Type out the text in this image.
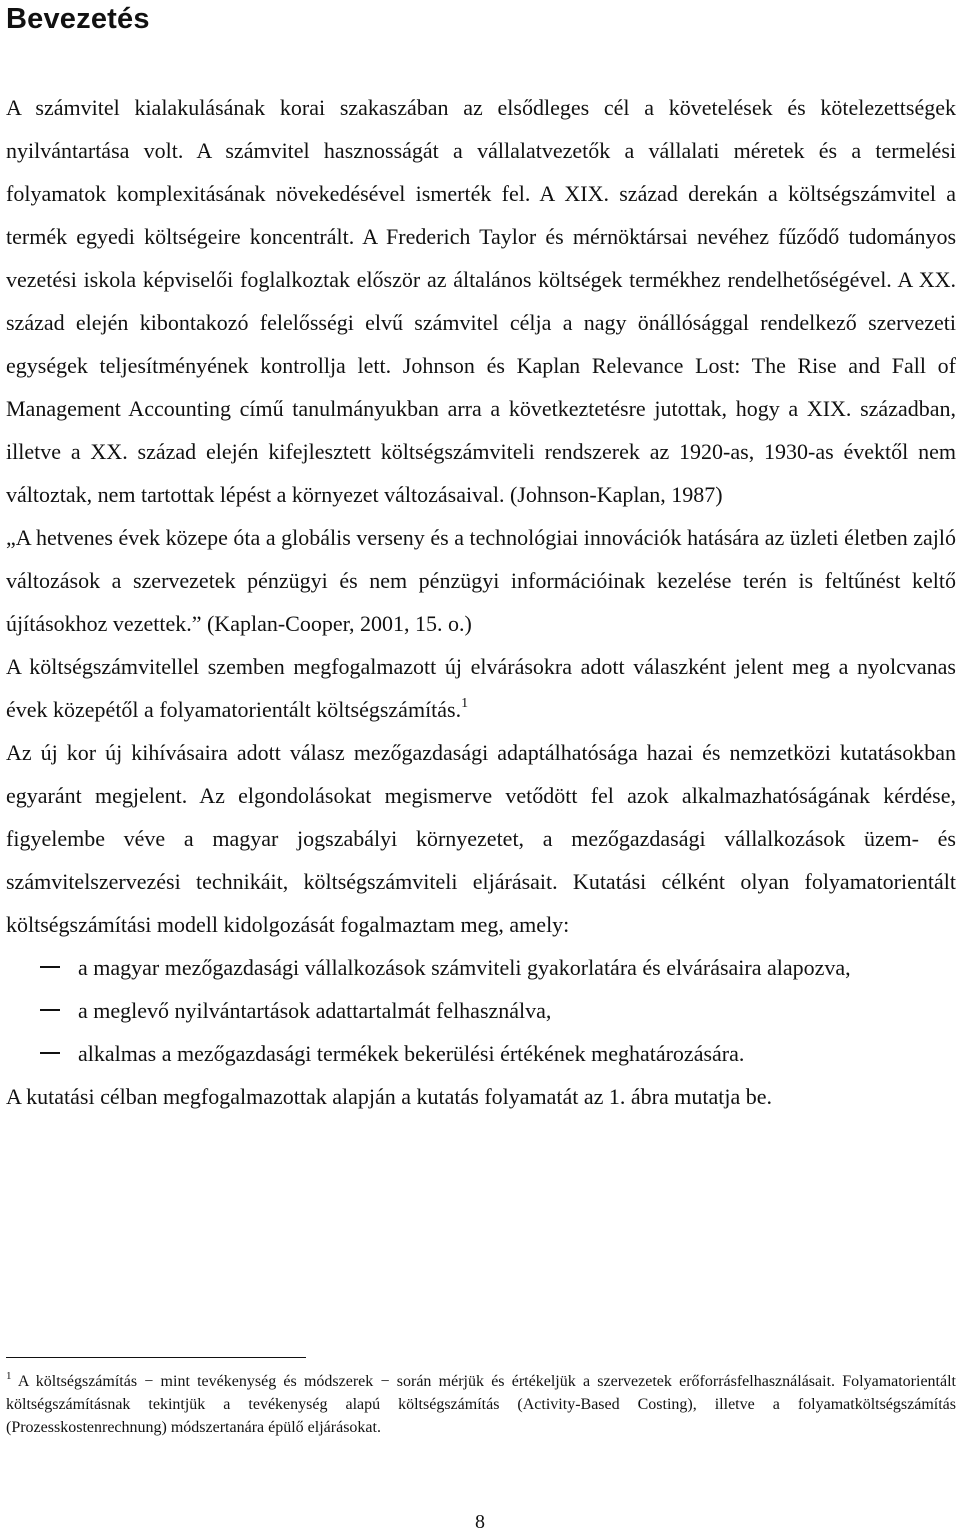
Bevezetés

A számvitel kialakulásának korai szakaszában az elsődleges cél a követelések és kötelezettségek nyilvántartása volt. A számvitel hasznosságát a vállalatvezetők a vállalati méretek és a termelési folyamatok komplexitásának növekedésével ismerték fel. A XIX. század derekán a költségszámvitel a termék egyedi költségeire koncentrált. A Frederich Taylor és mérnöktársai nevéhez fűződő tudományos vezetési iskola képviselői foglalkoztak először az általános költségek termékhez rendelhetőségével. A XX. század elején kibontakozó felelősségi elvű számvitel célja a nagy önállósággal rendelkező szervezeti egységek teljesítményének kontrollja lett. Johnson és Kaplan Relevance Lost: The Rise and Fall of Management Accounting című tanulmányukban arra a következtetésre jutottak, hogy a XIX. században, illetve a XX. század elején kifejlesztett költségszámviteli rendszerek az 1920-as, 1930-as évektől nem változtak, nem tartottak lépést a környezet változásaival. (Johnson-Kaplan, 1987)

„A hetvenes évek közepe óta a globális verseny és a technológiai innovációk hatására az üzleti életben zajló változások a szervezetek pénzügyi és nem pénzügyi információinak kezelése terén is feltűnést keltő újításokhoz vezettek.” (Kaplan-Cooper, 2001, 15. o.)

A költségszámvitellel szemben megfogalmazott új elvárásokra adott válaszként jelent meg a nyolcvanas évek közepétől a folyamatorientált költségszámítás.$^1$

Az új kor új kihívásaira adott válasz mezőgazdasági adaptálhatósága hazai és nemzetközi kutatásokban egyaránt megjelent. Az elgondolásokat megismerve vetődött fel azok alkalmazhatóságának kérdése, figyelembe véve a magyar jogszabályi környezetet, a mezőgazdasági vállalkozások üzem- és számvitelszervezési technikáit, költségszámviteli eljárásait. Kutatási célként olyan folyamatorientált költségszámítási modell kidolgozását fogalmaztam meg, amely:

a magyar mezőgazdasági vállalkozások számviteli gyakorlatára és elvárásaira alapozva,
a meglevő nyilvántartások adattartalmát felhasználva,
alkalmas a mezőgazdasági termékek bekerülési értékének meghatározására.

A kutatási célban megfogalmazottak alapján a kutatás folyamatát az 1. ábra mutatja be.

$^1$ A költségszámítás − mint tevékenység és módszerek − során mérjük és értékeljük a szervezetek erőforrásfelhasználásait. Folyamatorientált költségszámításnak tekintjük a tevékenység alapú költségszámítás (Activity-Based Costing), illetve a folyamatköltségszámítás (Prozesskostenrechnung) módszertanára épülő eljárásokat.
8
